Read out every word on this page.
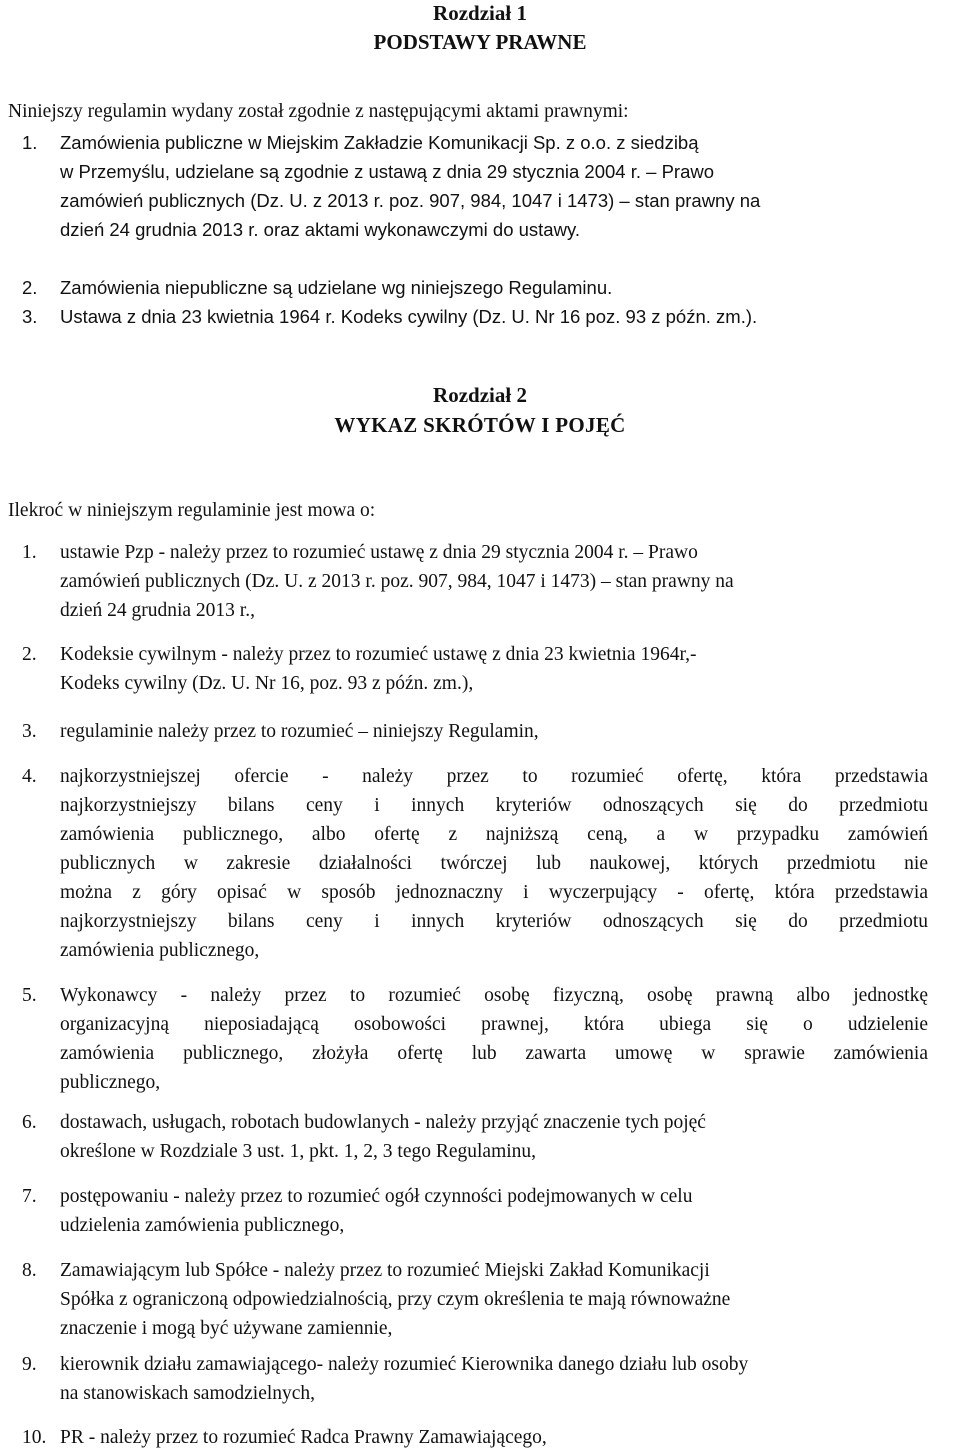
Rozdział 1
PODSTAWY PRAWNE
Niniejszy regulamin wydany został zgodnie z następującymi aktami prawnymi:
1. Zamówienia publiczne w Miejskim Zakładzie Komunikacji Sp. z o.o. z siedzibą
w Przemyślu, udzielane są zgodnie z ustawą z dnia 29 stycznia 2004 r. – Prawo
zamówień publicznych (Dz. U. z 2013 r. poz. 907, 984, 1047 i 1473) – stan prawny na
dzień 24 grudnia 2013 r. oraz aktami wykonawczymi do ustawy.
2. Zamówienia niepubliczne są udzielane wg niniejszego Regulaminu.
3. Ustawa z dnia 23 kwietnia 1964 r. Kodeks cywilny (Dz. U. Nr 16 poz. 93 z późn. zm.).
Rozdział 2
WYKAZ SKRÓTÓW I POJĘĆ
Ilekroć w niniejszym regulaminie jest mowa o:
1. ustawie Pzp - należy przez to rozumieć ustawę z dnia 29 stycznia 2004 r. – Prawo
zamówień publicznych (Dz. U. z 2013 r. poz. 907, 984, 1047 i 1473) – stan prawny na
dzień 24 grudnia 2013 r.,
2. Kodeksie cywilnym - należy przez to rozumieć ustawę z dnia 23 kwietnia 1964r,-
Kodeks cywilny (Dz. U. Nr 16, poz. 93 z późn. zm.),
3. regulaminie należy przez to rozumieć – niniejszy Regulamin,
4. najkorzystniejszej ofercie - należy przez to rozumieć ofertę, która przedstawia
najkorzystniejszy bilans ceny i innych kryteriów odnoszących się do przedmiotu
zamówienia publicznego, albo ofertę z najniższą ceną, a w przypadku zamówień
publicznych w zakresie działalności twórczej lub naukowej, których przedmiotu nie
można z góry opisać w sposób jednoznaczny i wyczerpujący - ofertę, która przedstawia
najkorzystniejszy bilans ceny i innych kryteriów odnoszących się do przedmiotu
zamówienia publicznego,
5. Wykonawcy - należy przez to rozumieć osobę fizyczną, osobę prawną albo jednostkę
organizacyjną nieposiadającą osobowości prawnej, która ubiega się o udzielenie
zamówienia publicznego, złożyła ofertę lub zawarta umowę w sprawie zamówienia
publicznego,
6. dostawach, usługach, robotach budowlanych - należy przyjąć znaczenie tych pojęć
określone w Rozdziale 3 ust. 1, pkt. 1, 2, 3 tego Regulaminu,
7. postępowaniu - należy przez to rozumieć ogół czynności podejmowanych w celu
udzielenia zamówienia publicznego,
8. Zamawiającym lub Spółce - należy przez to rozumieć Miejski Zakład Komunikacji
Spółka z ograniczoną odpowiedzialnością, przy czym określenia te mają równoważne
znaczenie i mogą być używane zamiennie,
9. kierownik działu zamawiającego- należy rozumieć Kierownika danego działu lub osoby
na stanowiskach samodzielnych,
10. PR - należy przez to rozumieć Radca Prawny Zamawiającego,
